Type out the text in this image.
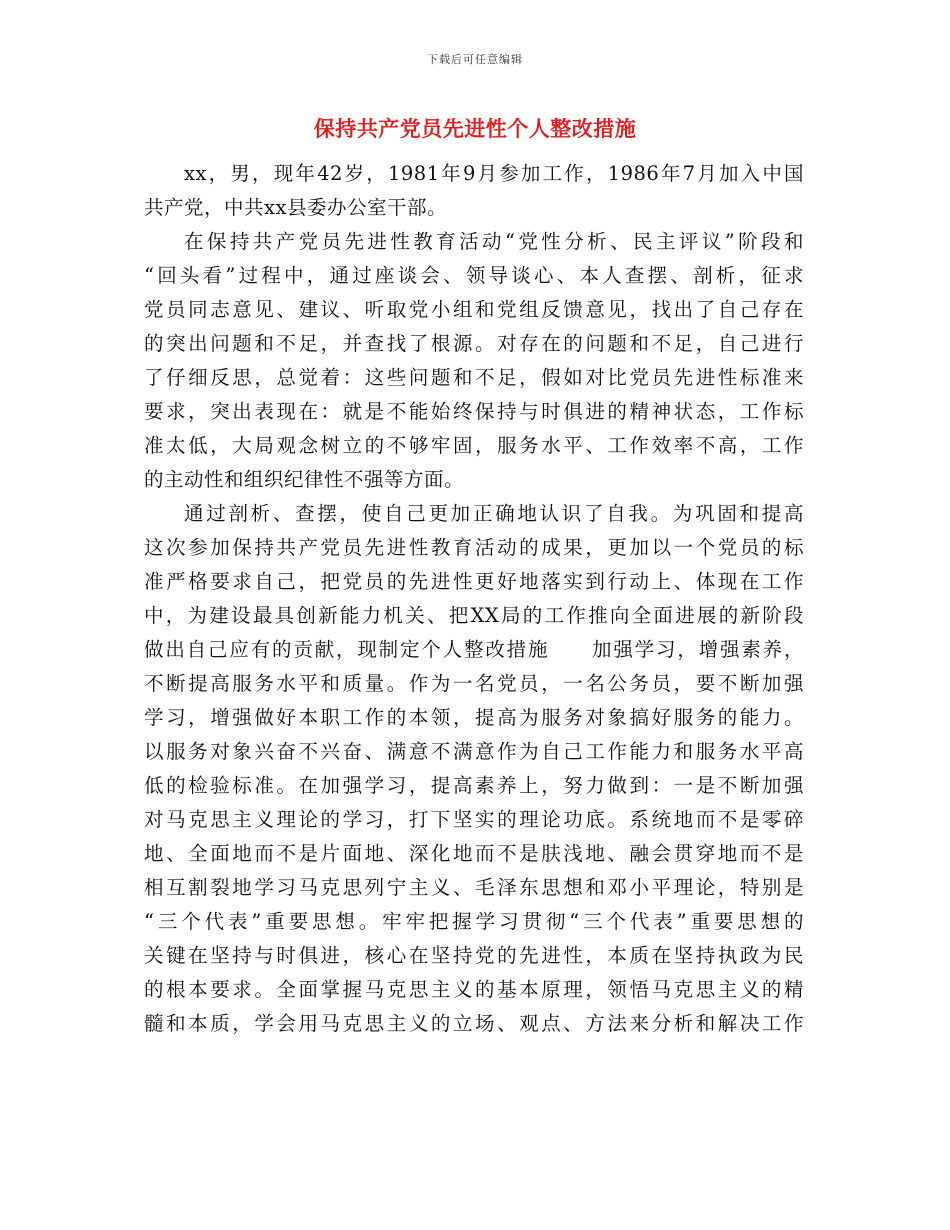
下载后可任意编辑
保持共产党员先进性个人整改措施
xx，男，现年42岁，1981年9月参加工作，1986年7月加入中国
共产党，中共xx县委办公室干部。
在保持共产党员先进性教育活动“党性分析、民主评议”阶段和
“回头看”过程中，通过座谈会、领导谈心、本人查摆、剖析，征求
党员同志意见、建议、听取党小组和党组反馈意见，找出了自己存在
的突出问题和不足，并查找了根源。对存在的问题和不足，自己进行
了仔细反思，总觉着：这些问题和不足，假如对比党员先进性标准来
要求，突出表现在：就是不能始终保持与时俱进的精神状态，工作标
准太低，大局观念树立的不够牢固，服务水平、工作效率不高，工作
的主动性和组织纪律性不强等方面。
通过剖析、查摆，使自己更加正确地认识了自我。为巩固和提高
这次参加保持共产党员先进性教育活动的成果，更加以一个党员的标
准严格要求自己，把党员的先进性更好地落实到行动上、体现在工作
中，为建设最具创新能力机关、把XX局的工作推向全面进展的新阶段
做出自己应有的贡献，现制定个人整改措施　　加强学习，增强素养，
不断提高服务水平和质量。作为一名党员，一名公务员，要不断加强
学习，增强做好本职工作的本领，提高为服务对象搞好服务的能力。
以服务对象兴奋不兴奋、满意不满意作为自己工作能力和服务水平高
低的检验标准。在加强学习，提高素养上，努力做到：一是不断加强
对马克思主义理论的学习，打下坚实的理论功底。系统地而不是零碎
地、全面地而不是片面地、深化地而不是肤浅地、融会贯穿地而不是
相互割裂地学习马克思列宁主义、毛泽东思想和邓小平理论，特别是
“三个代表”重要思想。牢牢把握学习贯彻“三个代表”重要思想的
关键在坚持与时俱进，核心在坚持党的先进性，本质在坚持执政为民
的根本要求。全面掌握马克思主义的基本原理，领悟马克思主义的精
髓和本质，学会用马克思主义的立场、观点、方法来分析和解决工作
